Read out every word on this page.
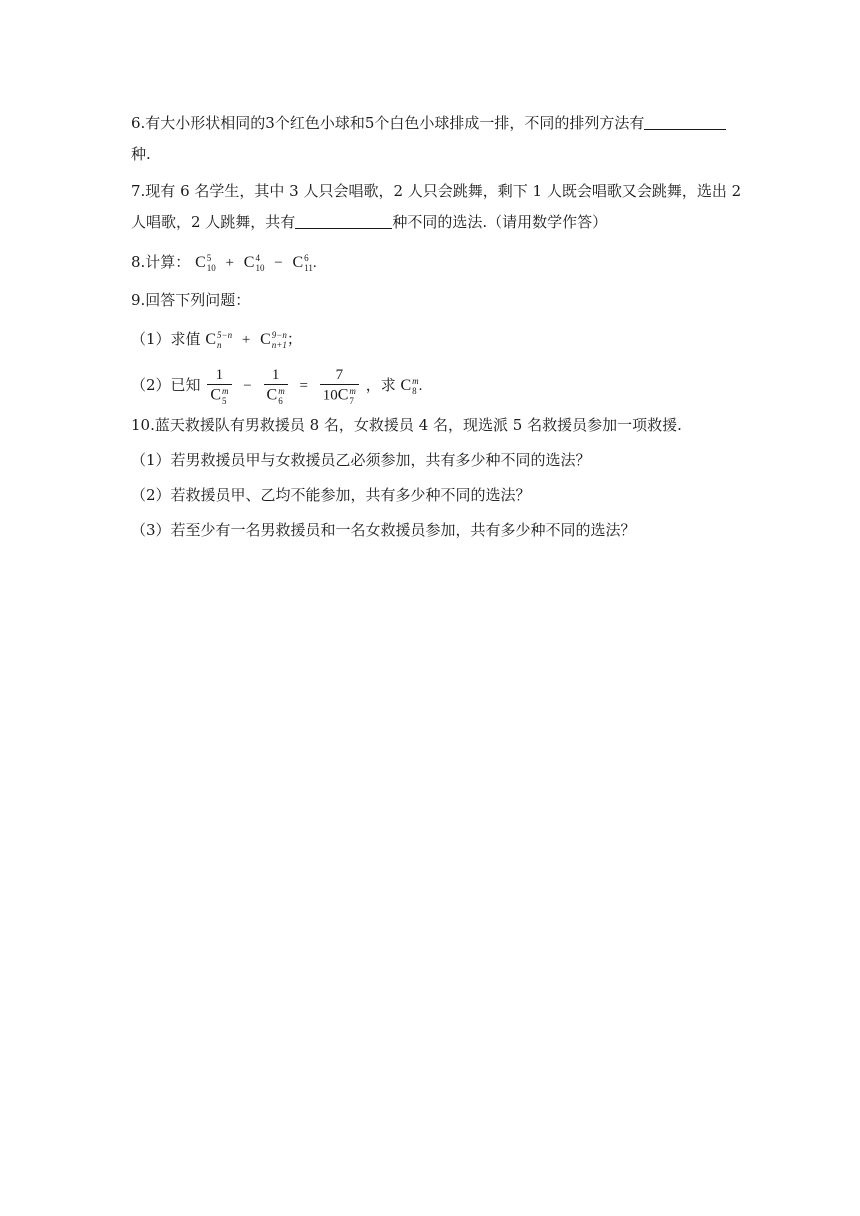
6.有大小形状相同的3个红色小球和5个白色小球排成一排，不同的排列方法有
种.
7.现有 6 名学生，其中 3 人只会唱歌，2 人只会跳舞，剩下 1 人既会唱歌又会跳舞，选出 2
人唱歌，2 人跳舞，共有	种不同的选法.（请用数学作答）
8.计算： C 5
10 + C 4
10 − C 6
11 .
9.回答下列问题：
（1）求值 C 5−n
n	+ C 9−n
n+1 ；
（2）已知 1
C m
5 − 1
C m
6 = 7
10C m
7 ，求 C m
8 .
10.蓝天救援队有男救援员 8 名，女救援员 4 名，现选派 5 名救援员参加一项救援.
（1）若男救援员甲与女救援员乙必须参加，共有多少种不同的选法？
（2）若救援员甲、乙均不能参加，共有多少种不同的选法？
（3）若至少有一名男救援员和一名女救援员参加，共有多少种不同的选法？
